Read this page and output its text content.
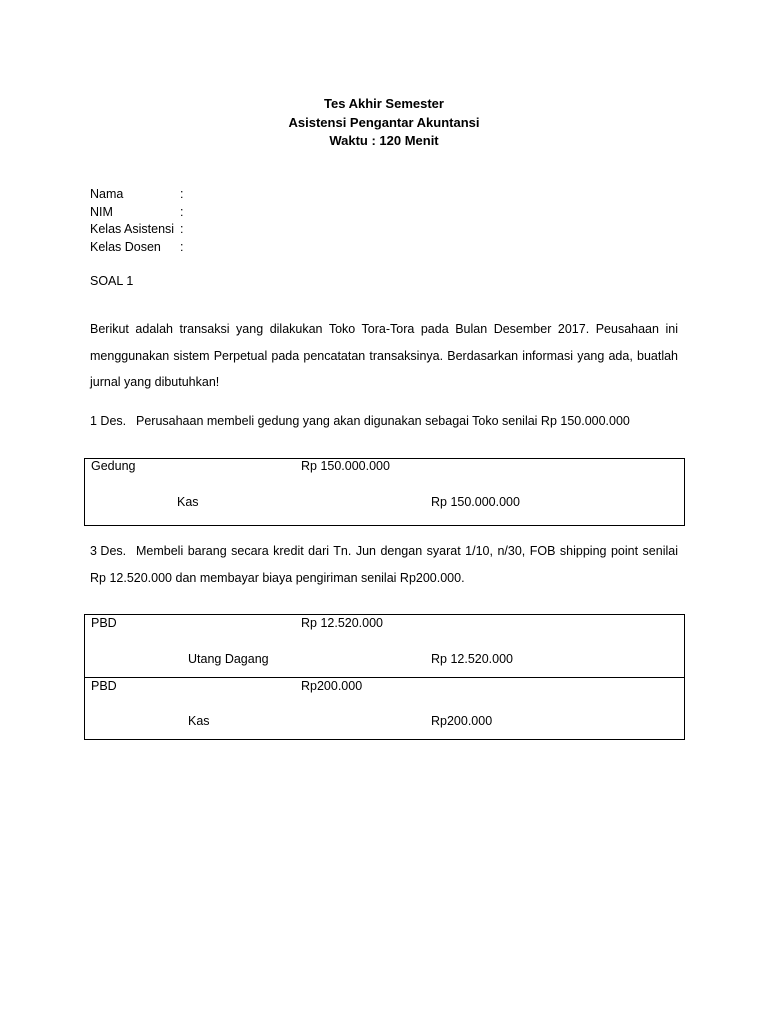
Tes Akhir Semester
Asistensi Pengantar Akuntansi
Waktu : 120 Menit
Nama	:
NIM	:
Kelas Asistensi :
Kelas Dosen	:
SOAL 1
Berikut adalah transaksi yang dilakukan Toko Tora-Tora pada Bulan Desember 2017. Peusahaan ini menggunakan sistem Perpetual pada pencatatan transaksinya. Berdasarkan informasi yang ada, buatlah jurnal yang dibutuhkan!
1 Des. Perusahaan membeli gedung yang akan digunakan sebagai Toko senilai Rp 150.000.000
Gedung	Rp 150.000.000
Kas	Rp 150.000.000
3 Des. Membeli barang secara kredit dari Tn. Jun dengan syarat 1/10, n/30, FOB shipping point senilai Rp 12.520.000 dan membayar biaya pengiriman senilai Rp200.000.
PBD	Rp 12.520.000
Utang Dagang	Rp 12.520.000
PBD	Rp200.000
Kas	Rp200.000
